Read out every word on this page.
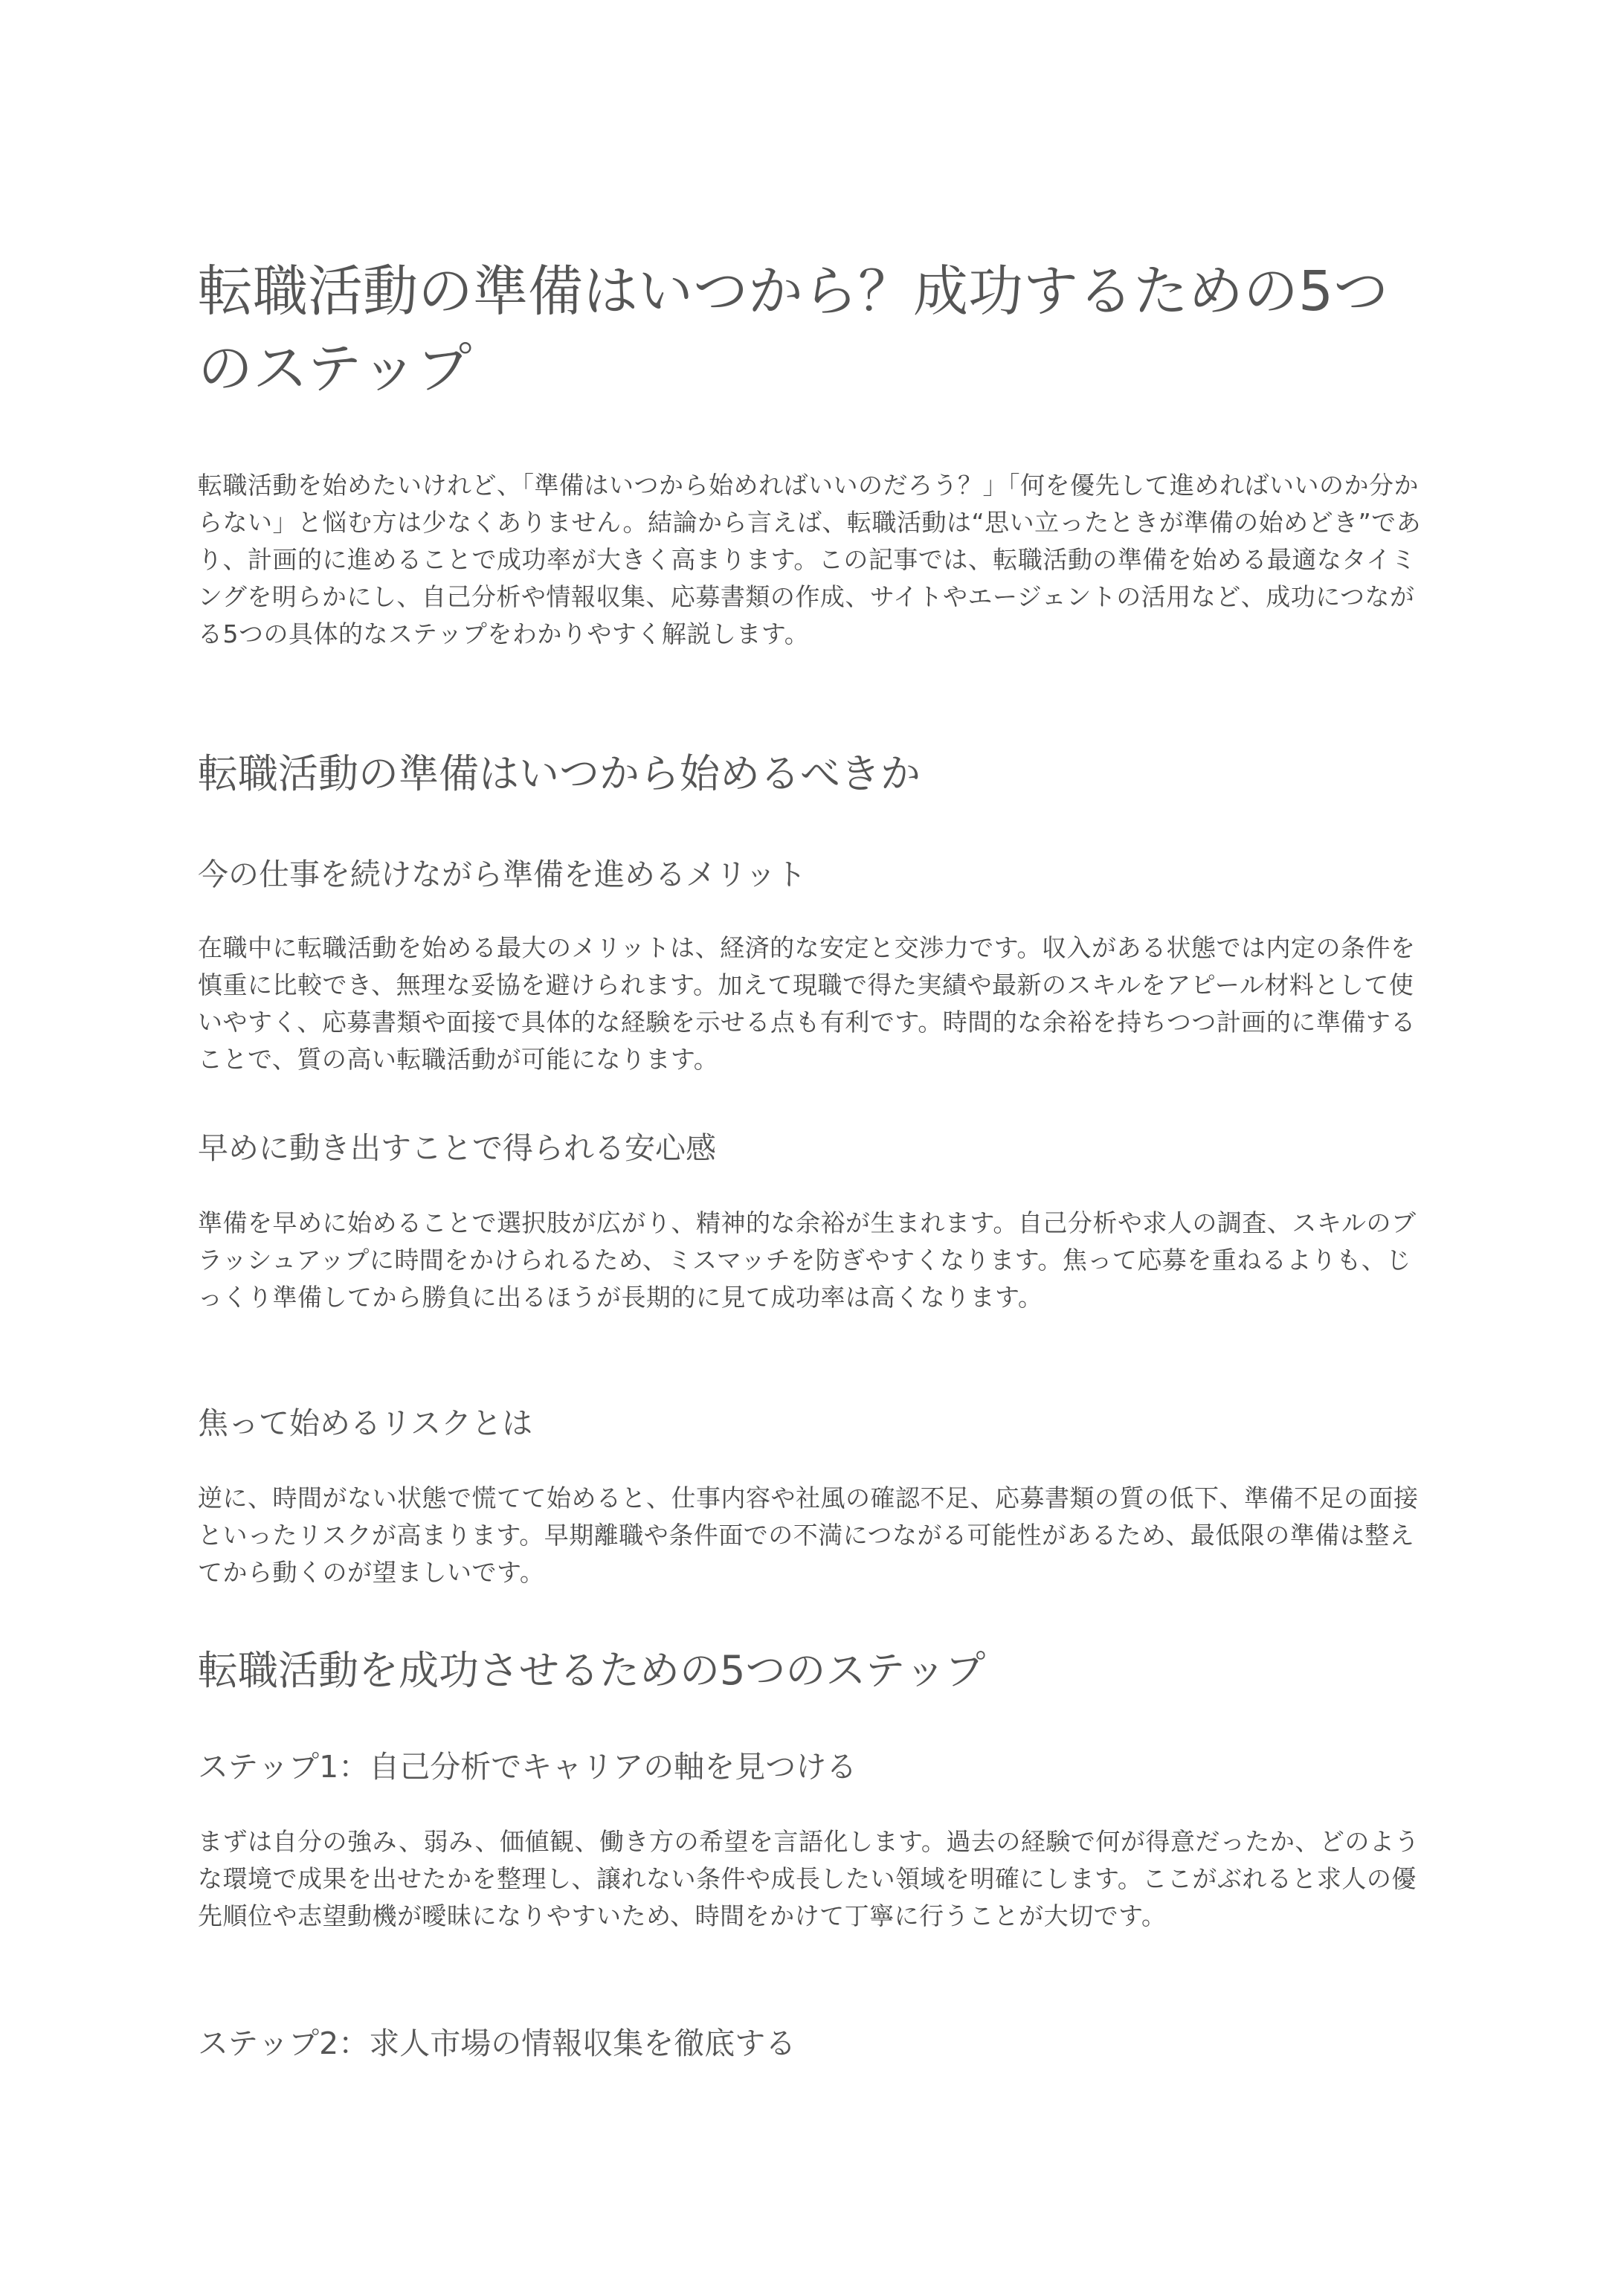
転職活動の準備はいつから？成功するための5つのステップ

転職活動を始めたいけれど、「準備はいつから始めればいいのだろう？」「何を優先して進めればいいのか分からない」と悩む方は少なくありません。結論から言えば、転職活動は“思い立ったときが準備の始めどき”であり、計画的に進めることで成功率が大きく高まります。この記事では、転職活動の準備を始める最適なタイミングを明らかにし、自己分析や情報収集、応募書類の作成、サイトやエージェントの活用など、成功につながる5つの具体的なステップをわかりやすく解説します。

転職活動の準備はいつから始めるべきか
今の仕事を続けながら準備を進めるメリット

在職中に転職活動を始める最大のメリットは、経済的な安定と交渉力です。収入がある状態では内定の条件を慎重に比較でき、無理な妥協を避けられます。加えて現職で得た実績や最新のスキルをアピール材料として使いやすく、応募書類や面接で具体的な経験を示せる点も有利です。時間的な余裕を持ちつつ計画的に準備することで、質の高い転職活動が可能になります。

早めに動き出すことで得られる安心感

準備を早めに始めることで選択肢が広がり、精神的な余裕が生まれます。自己分析や求人の調査、スキルのブラッシュアップに時間をかけられるため、ミスマッチを防ぎやすくなります。焦って応募を重ねるよりも、じっくり準備してから勝負に出るほうが長期的に見て成功率は高くなります。

焦って始めるリスクとは

逆に、時間がない状態で慌てて始めると、仕事内容や社風の確認不足、応募書類の質の低下、準備不足の面接といったリスクが高まります。早期離職や条件面での不満につながる可能性があるため、最低限の準備は整えてから動くのが望ましいです。

転職活動を成功させるための5つのステップ
ステップ1：自己分析でキャリアの軸を見つける

まずは自分の強み、弱み、価値観、働き方の希望を言語化します。過去の経験で何が得意だったか、どのような環境で成果を出せたかを整理し、譲れない条件や成長したい領域を明確にします。ここがぶれると求人の優先順位や志望動機が曖昧になりやすいため、時間をかけて丁寧に行うことが大切です。

ステップ2：求人市場の情報収集を徹底する
